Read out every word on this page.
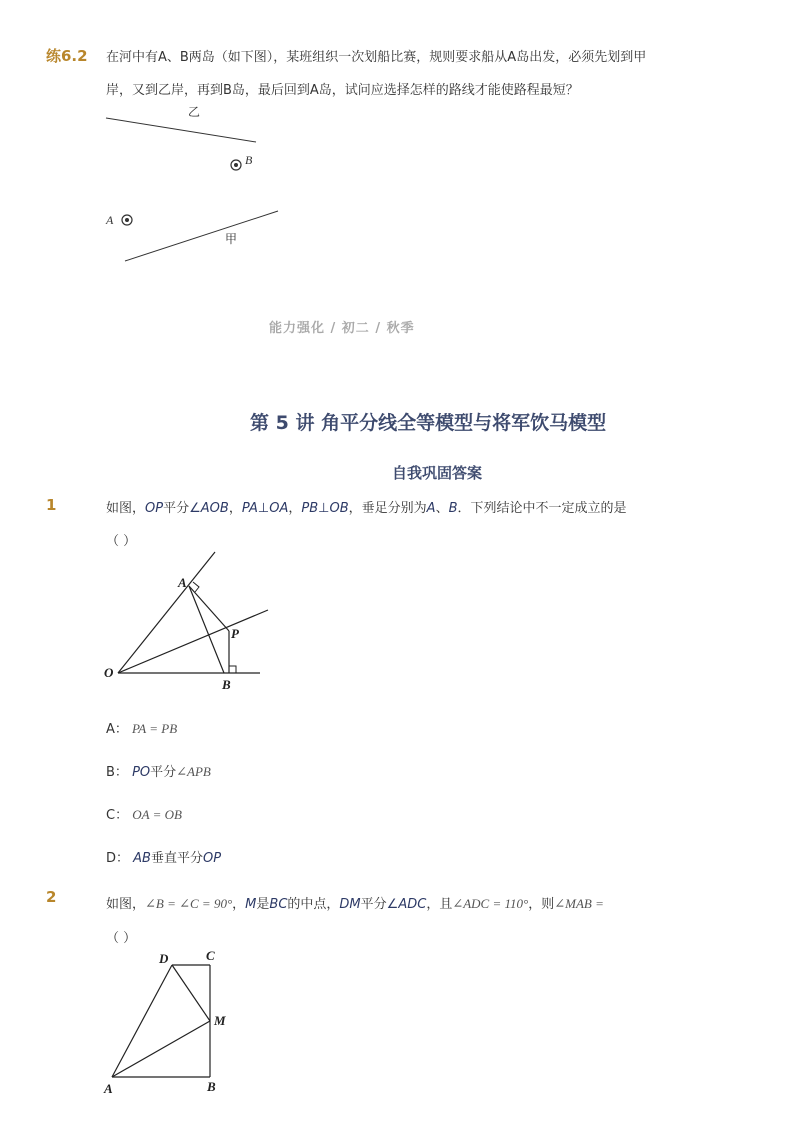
练6.2 在河中有A、B两岛（如下图），某班组织一次划船比赛，规则要求船从A岛出发，必须先划到甲
岸，又到乙岸，再到B岛，最后回到A岛，试问应选择怎样的路线才能使路程最短？
乙
B
A
甲
能力强化 / 初二 / 秋季
第 5 讲 角平分线全等模型与将军饮马模型
自我巩固答案
1	如图，OP平分∠AOB，PA⊥OA，PB⊥OB，垂足分别为A、B．下列结论中不一定成立的是
（ ）
O
A
P
B
A： PA = PB
B： PO平分∠APB
C： OA = OB
D： AB垂直平分OP
2	如图，∠B = ∠C = 90°，M是BC的中点，DM平分∠ADC，且∠ADC = 110°，则∠MAB =
（ ）
D	C
M
A	B
